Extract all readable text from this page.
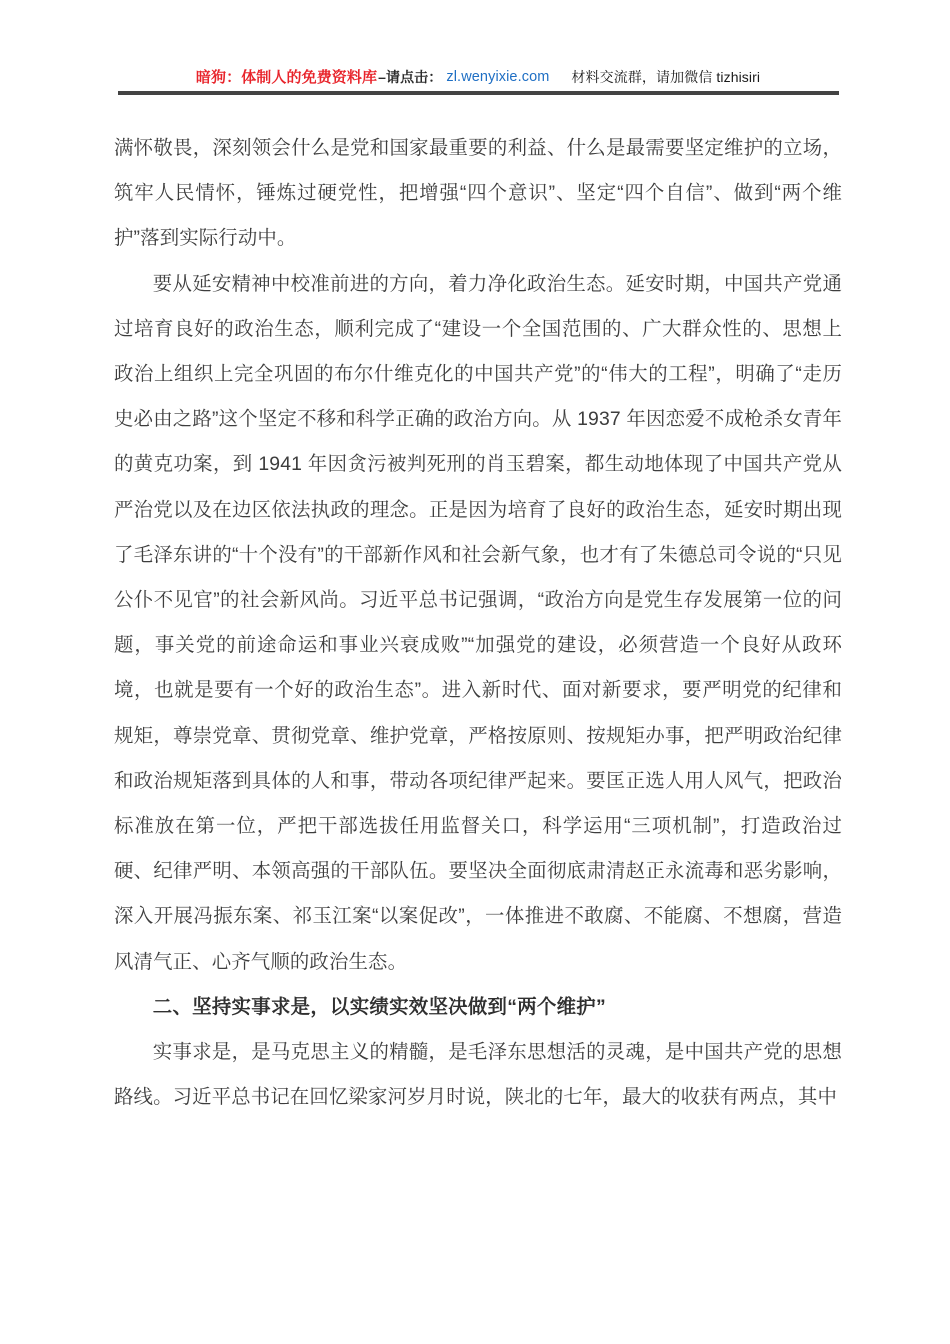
暗狗：体制人的免费资料库 –请点击： zl.wenyixie.com 材料交流群，请加微信 tizhisiri

满怀敬畏，深刻领会什么是党和国家最重要的利益、什么是最需要坚定维护的立场，筑牢人民情怀，锤炼过硬党性，把增强“四个意识”、坚定“四个自信”、做到“两个维护”落到实际行动中。

要从延安精神中校准前进的方向，着力净化政治生态。延安时期，中国共产党通过培育良好的政治生态，顺利完成了“建设一个全国范围的、广大群众性的、思想上政治上组织上完全巩固的布尔什维克化的中国共产党”的“伟大的工程”，明确了“走历史必由之路”这个坚定不移和科学正确的政治方向。从 1937 年因恋爱不成枪杀女青年的黄克功案，到 1941 年因贪污被判死刑的肖玉碧案，都生动地体现了中国共产党从严治党以及在边区依法执政的理念。正是因为培育了良好的政治生态，延安时期出现了毛泽东讲的“十个没有”的干部新作风和社会新气象，也才有了朱德总司令说的“只见公仆不见官”的社会新风尚。习近平总书记强调，“政治方向是党生存发展第一位的问题，事关党的前途命运和事业兴衰成败”“加强党的建设，必须营造一个良好从政环境，也就是要有一个好的政治生态”。进入新时代、面对新要求，要严明党的纪律和规矩，尊崇党章、贯彻党章、维护党章，严格按原则、按规矩办事，把严明政治纪律和政治规矩落到具体的人和事，带动各项纪律严起来。要匡正选人用人风气，把政治标准放在第一位，严把干部选拔任用监督关口，科学运用“三项机制”，打造政治过硬、纪律严明、本领高强的干部队伍。要坚决全面彻底肃清赵正永流毒和恶劣影响，深入开展冯振东案、祁玉江案“以案促改”，一体推进不敢腐、不能腐、不想腐，营造风清气正、心齐气顺的政治生态。

二、坚持实事求是，以实绩实效坚决做到“两个维护”

实事求是，是马克思主义的精髓，是毛泽东思想活的灵魂，是中国共产党的思想路线。习近平总书记在回忆梁家河岁月时说，陕北的七年，最大的收获有两点，其中
